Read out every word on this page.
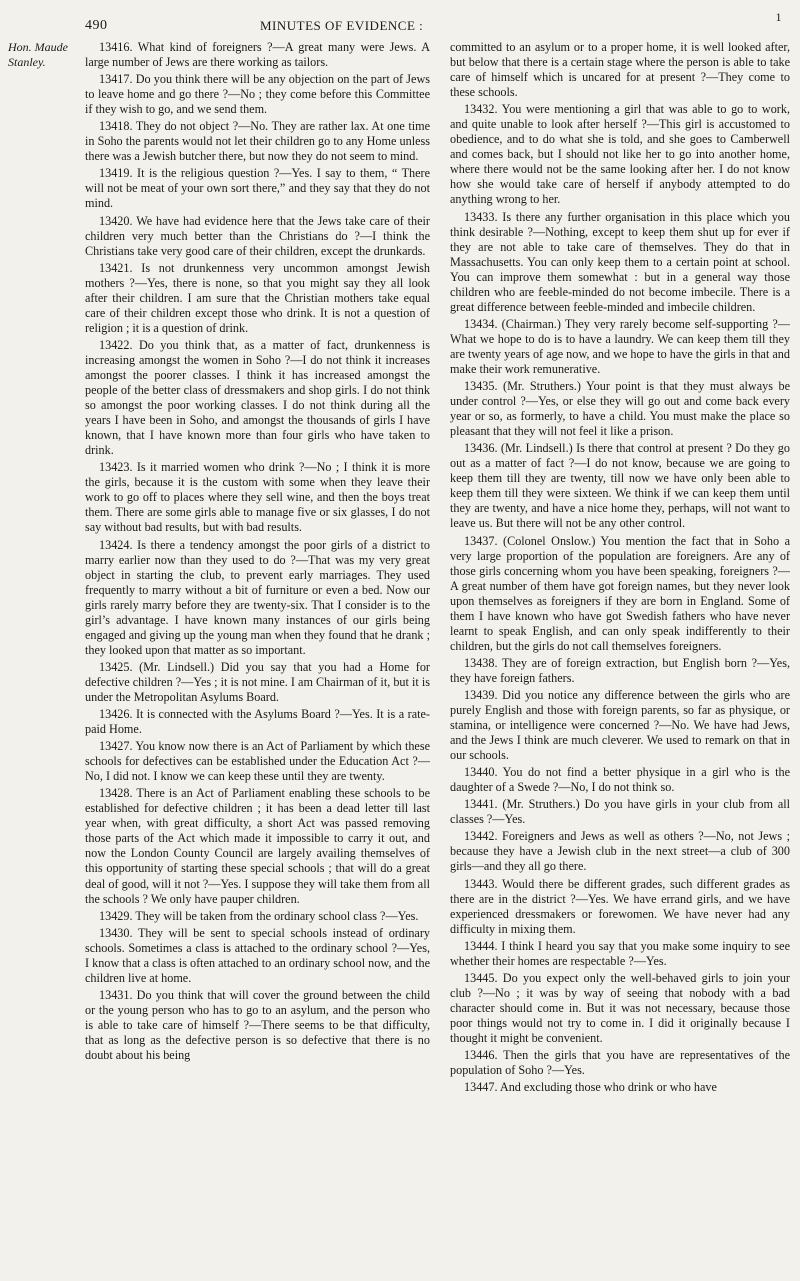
490	MINUTES OF EVIDENCE :
1
Hon. Maude Stanley.

13416. What kind of foreigners ?—A great many were Jews. A large number of Jews are there working as tailors.

13417. Do you think there will be any objection on the part of Jews to leave home and go there ?—No ; they come before this Committee if they wish to go, and we send them.

13418. They do not object ?—No. They are rather lax. At one time in Soho the parents would not let their children go to any Home unless there was a Jewish butcher there, but now they do not seem to mind.

13419. It is the religious question ?—Yes. I say to them, “ There will not be meat of your own sort there,” and they say that they do not mind.

13420. We have had evidence here that the Jews take care of their children very much better than the Christians do ?—I think the Christians take very good care of their children, except the drunkards.

13421. Is not drunkenness very uncommon amongst Jewish mothers ?—Yes, there is none, so that you might say they all look after their children. I am sure that the Christian mothers take equal care of their children except those who drink. It is not a question of religion ; it is a question of drink.

13422. Do you think that, as a matter of fact, drunkenness is increasing amongst the women in Soho ?—I do not think it increases amongst the poorer classes. I think it has increased amongst the people of the better class of dressmakers and shop girls. I do not think so amongst the poor working classes. I do not think during all the years I have been in Soho, and amongst the thousands of girls I have known, that I have known more than four girls who have taken to drink.

13423. Is it married women who drink ?—No ; I think it is more the girls, because it is the custom with some when they leave their work to go off to places where they sell wine, and then the boys treat them. There are some girls able to manage five or six glasses, I do not say without bad results, but with bad results.

13424. Is there a tendency amongst the poor girls of a district to marry earlier now than they used to do ?—That was my very great object in starting the club, to prevent early marriages. They used frequently to marry without a bit of furniture or even a bed. Now our girls rarely marry before they are twenty-six. That I consider is to the girl’s advantage. I have known many instances of our girls being engaged and giving up the young man when they found that he drank ; they looked upon that matter as so important.

13425. (Mr. Lindsell.) Did you say that you had a Home for defective children ?—Yes ; it is not mine. I am Chairman of it, but it is under the Metropolitan Asylums Board.

13426. It is connected with the Asylums Board ?—Yes. It is a rate-paid Home.

13427. You know now there is an Act of Parliament by which these schools for defectives can be established under the Education Act ?—No, I did not. I know we can keep these until they are twenty.

13428. There is an Act of Parliament enabling these schools to be established for defective children ; it has been a dead letter till last year when, with great difficulty, a short Act was passed removing those parts of the Act which made it impossible to carry it out, and now the London County Council are largely availing themselves of this opportunity of starting these special schools ; that will do a great deal of good, will it not ?—Yes. I suppose they will take them from all the schools ? We only have pauper children.

13429. They will be taken from the ordinary school class ?—Yes.

13430. They will be sent to special schools instead of ordinary schools. Sometimes a class is attached to the ordinary school ?—Yes, I know that a class is often attached to an ordinary school now, and the children live at home.

13431. Do you think that will cover the ground between the child or the young person who has to go to an asylum, and the person who is able to take care of himself ?—There seems to be that difficulty, that as long as the defective person is so defective that there is no doubt about his being

committed to an asylum or to a proper home, it is well looked after, but below that there is a certain stage where the person is able to take care of himself which is uncared for at present ?—They come to these schools.

13432. You were mentioning a girl that was able to go to work, and quite unable to look after herself ?—This girl is accustomed to obedience, and to do what she is told, and she goes to Camberwell and comes back, but I should not like her to go into another home, where there would not be the same looking after her. I do not know how she would take care of herself if anybody attempted to do anything wrong to her.

13433. Is there any further organisation in this place which you think desirable ?—Nothing, except to keep them shut up for ever if they are not able to take care of themselves. They do that in Massachusetts. You can only keep them to a certain point at school. You can improve them somewhat : but in a general way those children who are feeble-minded do not become imbecile. There is a great difference between feeble-minded and imbecile children.

13434. (Chairman.) They very rarely become self-supporting ?—What we hope to do is to have a laundry. We can keep them till they are twenty years of age now, and we hope to have the girls in that and make their work remunerative.

13435. (Mr. Struthers.) Your point is that they must always be under control ?—Yes, or else they will go out and come back every year or so, as formerly, to have a child. You must make the place so pleasant that they will not feel it like a prison.

13436. (Mr. Lindsell.) Is there that control at present ? Do they go out as a matter of fact ?—I do not know, because we are going to keep them till they are twenty, till now we have only been able to keep them till they were sixteen. We think if we can keep them until they are twenty, and have a nice home they, perhaps, will not want to leave us. But there will not be any other control.

13437. (Colonel Onslow.) You mention the fact that in Soho a very large proportion of the population are foreigners. Are any of those girls concerning whom you have been speaking, foreigners ?—A great number of them have got foreign names, but they never look upon themselves as foreigners if they are born in England. Some of them I have known who have got Swedish fathers who have never learnt to speak English, and can only speak indifferently to their children, but the girls do not call themselves foreigners.

13438. They are of foreign extraction, but English born ?—Yes, they have foreign fathers.

13439. Did you notice any difference between the girls who are purely English and those with foreign parents, so far as physique, or stamina, or intelligence were concerned ?—No. We have had Jews, and the Jews I think are much cleverer. We used to remark on that in our schools.

13440. You do not find a better physique in a girl who is the daughter of a Swede ?—No, I do not think so.

13441. (Mr. Struthers.) Do you have girls in your club from all classes ?—Yes.

13442. Foreigners and Jews as well as others ?—No, not Jews ; because they have a Jewish club in the next street—a club of 300 girls—and they all go there.

13443. Would there be different grades, such different grades as there are in the district ?—Yes. We have errand girls, and we have experienced dressmakers or forewomen. We have never had any difficulty in mixing them.

13444. I think I heard you say that you make some inquiry to see whether their homes are respectable ?—Yes.

13445. Do you expect only the well-behaved girls to join your club ?—No ; it was by way of seeing that nobody with a bad character should come in. But it was not necessary, because those poor things would not try to come in. I did it originally because I thought it might be convenient.

13446. Then the girls that you have are representatives of the population of Soho ?—Yes.

13447. And excluding those who drink or who have
